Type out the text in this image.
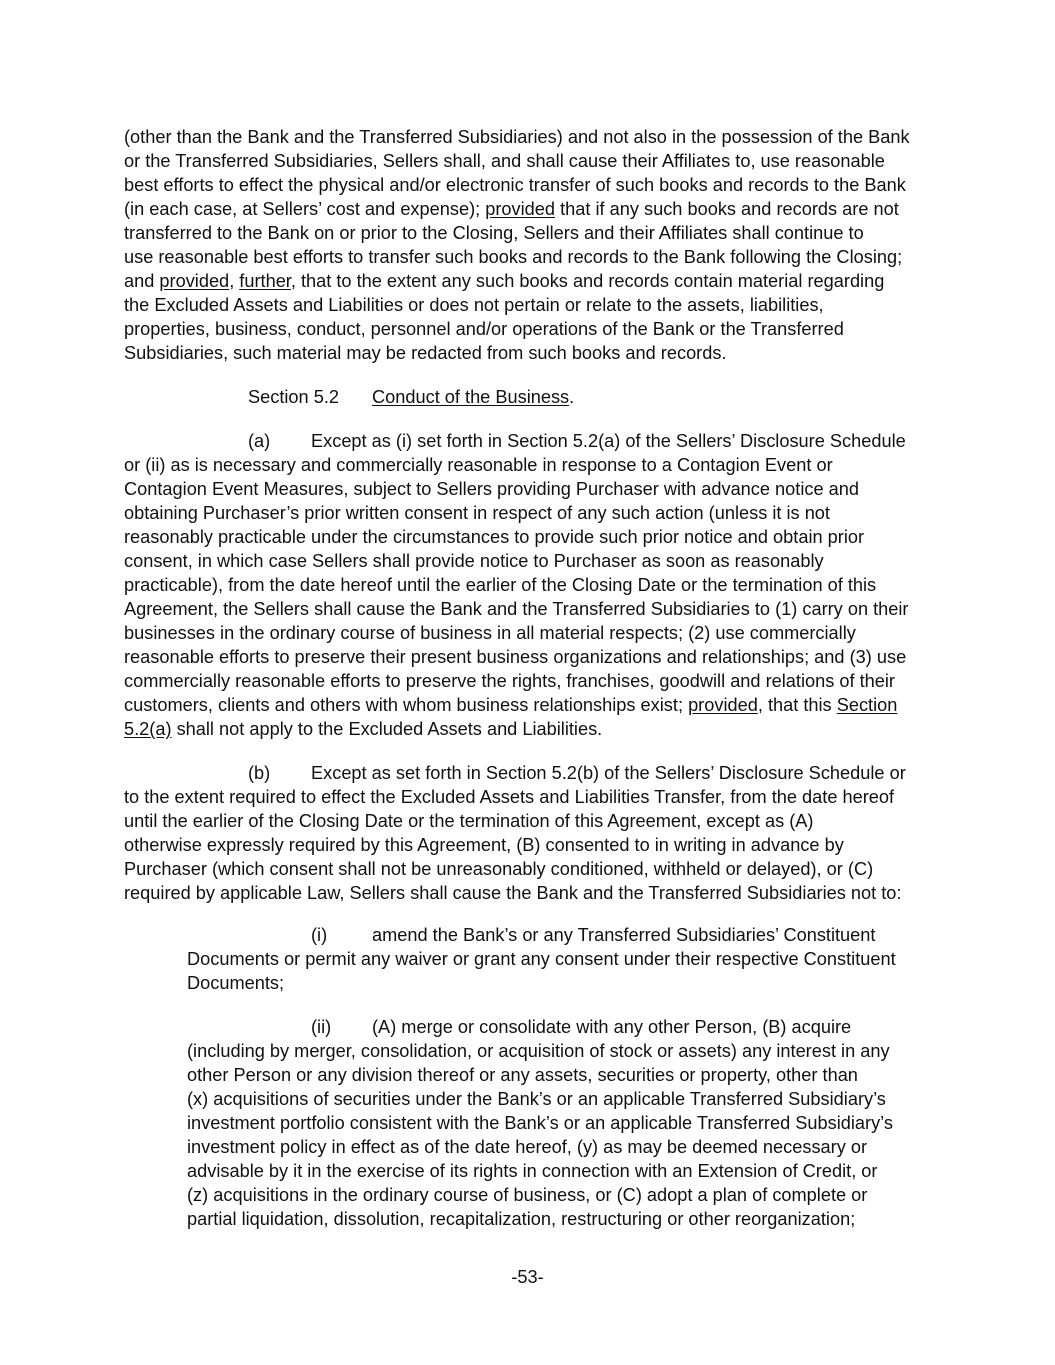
(other than the Bank and the Transferred Subsidiaries) and not also in the possession of the Bank
or the Transferred Subsidiaries, Sellers shall, and shall cause their Affiliates to, use reasonable
best efforts to effect the physical and/or electronic transfer of such books and records to the Bank
(in each case, at Sellers’ cost and expense); provided that if any such books and records are not
transferred to the Bank on or prior to the Closing, Sellers and their Affiliates shall continue to
use reasonable best efforts to transfer such books and records to the Bank following the Closing;
and provided, further, that to the extent any such books and records contain material regarding
the Excluded Assets and Liabilities or does not pertain or relate to the assets, liabilities,
properties, business, conduct, personnel and/or operations of the Bank or the Transferred
Subsidiaries, such material may be redacted from such books and records.
Section 5.2 Conduct of the Business.
(a) Except as (i) set forth in Section 5.2(a) of the Sellers’ Disclosure Schedule
or (ii) as is necessary and commercially reasonable in response to a Contagion Event or
Contagion Event Measures, subject to Sellers providing Purchaser with advance notice and
obtaining Purchaser’s prior written consent in respect of any such action (unless it is not
reasonably practicable under the circumstances to provide such prior notice and obtain prior
consent, in which case Sellers shall provide notice to Purchaser as soon as reasonably
practicable), from the date hereof until the earlier of the Closing Date or the termination of this
Agreement, the Sellers shall cause the Bank and the Transferred Subsidiaries to (1) carry on their
businesses in the ordinary course of business in all material respects; (2) use commercially
reasonable efforts to preserve their present business organizations and relationships; and (3) use
commercially reasonable efforts to preserve the rights, franchises, goodwill and relations of their
customers, clients and others with whom business relationships exist; provided, that this Section
5.2(a) shall not apply to the Excluded Assets and Liabilities.
(b) Except as set forth in Section 5.2(b) of the Sellers’ Disclosure Schedule or
to the extent required to effect the Excluded Assets and Liabilities Transfer, from the date hereof
until the earlier of the Closing Date or the termination of this Agreement, except as (A)
otherwise expressly required by this Agreement, (B) consented to in writing in advance by
Purchaser (which consent shall not be unreasonably conditioned, withheld or delayed), or (C)
required by applicable Law, Sellers shall cause the Bank and the Transferred Subsidiaries not to:
(i) amend the Bank’s or any Transferred Subsidiaries’ Constituent
Documents or permit any waiver or grant any consent under their respective Constituent
Documents;
(ii) (A) merge or consolidate with any other Person, (B) acquire
(including by merger, consolidation, or acquisition of stock or assets) any interest in any
other Person or any division thereof or any assets, securities or property, other than
(x) acquisitions of securities under the Bank’s or an applicable Transferred Subsidiary’s
investment portfolio consistent with the Bank’s or an applicable Transferred Subsidiary’s
investment policy in effect as of the date hereof, (y) as may be deemed necessary or
advisable by it in the exercise of its rights in connection with an Extension of Credit, or
(z) acquisitions in the ordinary course of business, or (C) adopt a plan of complete or
partial liquidation, dissolution, recapitalization, restructuring or other reorganization;
-53-
